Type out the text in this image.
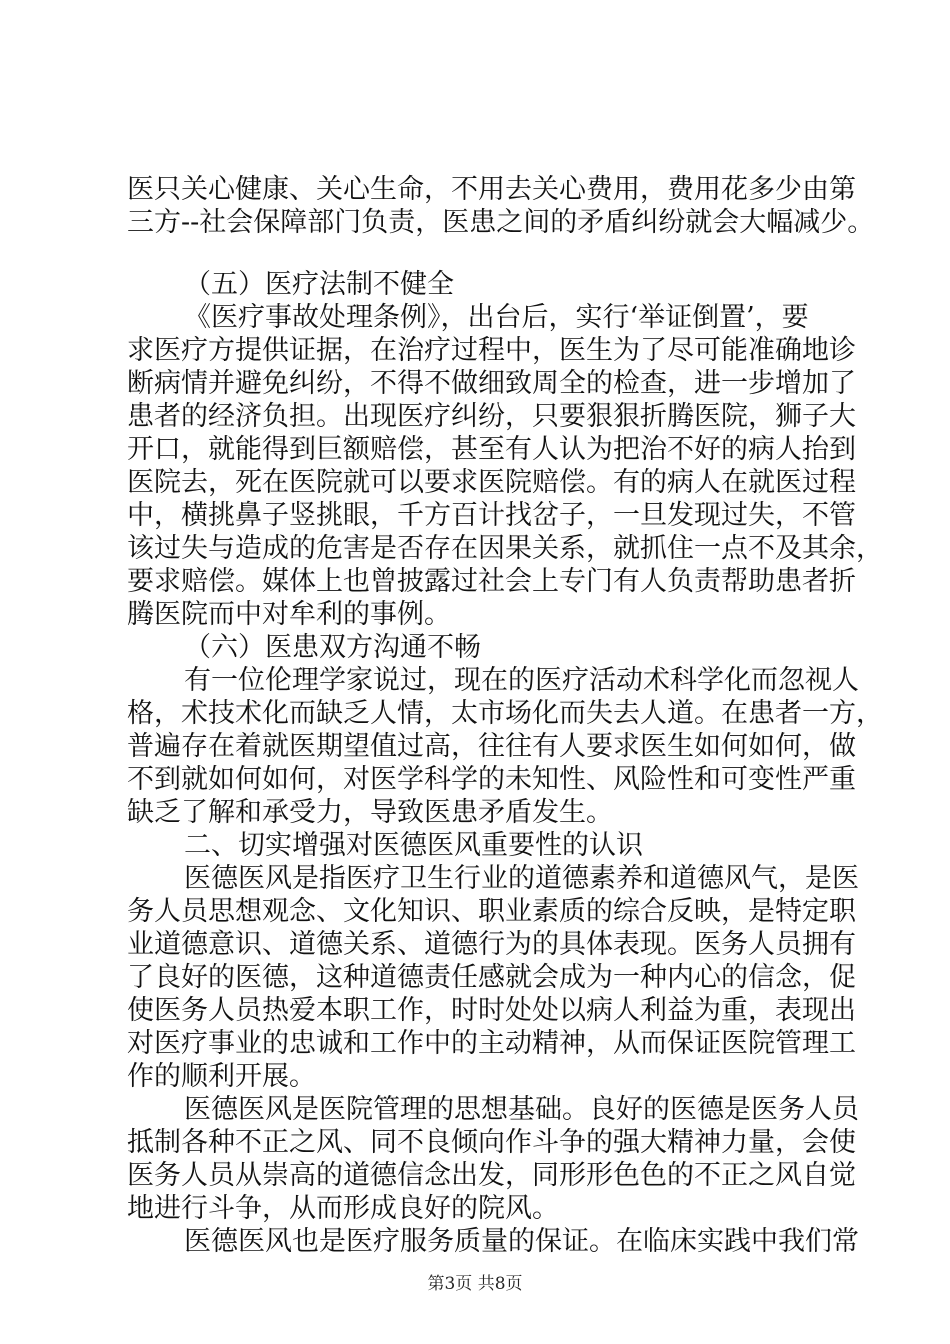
医只关心健康、关心生命，不用去关心费用，费用花多少由第
三方--社会保障部门负责，医患之间的矛盾纠纷就会大幅减少。
（五）医疗法制不健全
《医疗事故处理条例》，出台后，实行‘举证倒置’，要
求医疗方提供证据，在治疗过程中，医生为了尽可能准确地诊
断病情并避免纠纷，不得不做细致周全的检查，进一步增加了
患者的经济负担。出现医疗纠纷，只要狠狠折腾医院，狮子大
开口，就能得到巨额赔偿，甚至有人认为把治不好的病人抬到
医院去，死在医院就可以要求医院赔偿。有的病人在就医过程
中，横挑鼻子竖挑眼，千方百计找岔子，一旦发现过失，不管
该过失与造成的危害是否存在因果关系，就抓住一点不及其余，
要求赔偿。媒体上也曾披露过社会上专门有人负责帮助患者折
腾医院而中对牟利的事例。
（六）医患双方沟通不畅
有一位伦理学家说过，现在的医疗活动术科学化而忽视人
格，术技术化而缺乏人情，太市场化而失去人道。在患者一方，
普遍存在着就医期望值过高，往往有人要求医生如何如何，做
不到就如何如何，对医学科学的未知性、风险性和可变性严重
缺乏了解和承受力，导致医患矛盾发生。
二、切实增强对医德医风重要性的认识
医德医风是指医疗卫生行业的道德素养和道德风气，是医
务人员思想观念、文化知识、职业素质的综合反映，是特定职
业道德意识、道德关系、道德行为的具体表现。医务人员拥有
了良好的医德，这种道德责任感就会成为一种内心的信念，促
使医务人员热爱本职工作，时时处处以病人利益为重，表现出
对医疗事业的忠诚和工作中的主动精神，从而保证医院管理工
作的顺利开展。
医德医风是医院管理的思想基础。良好的医德是医务人员
抵制各种不正之风、同不良倾向作斗争的强大精神力量，会使
医务人员从崇高的道德信念出发，同形形色色的不正之风自觉
地进行斗争，从而形成良好的院风。
医德医风也是医疗服务质量的保证。在临床实践中我们常
第3页 共8页
